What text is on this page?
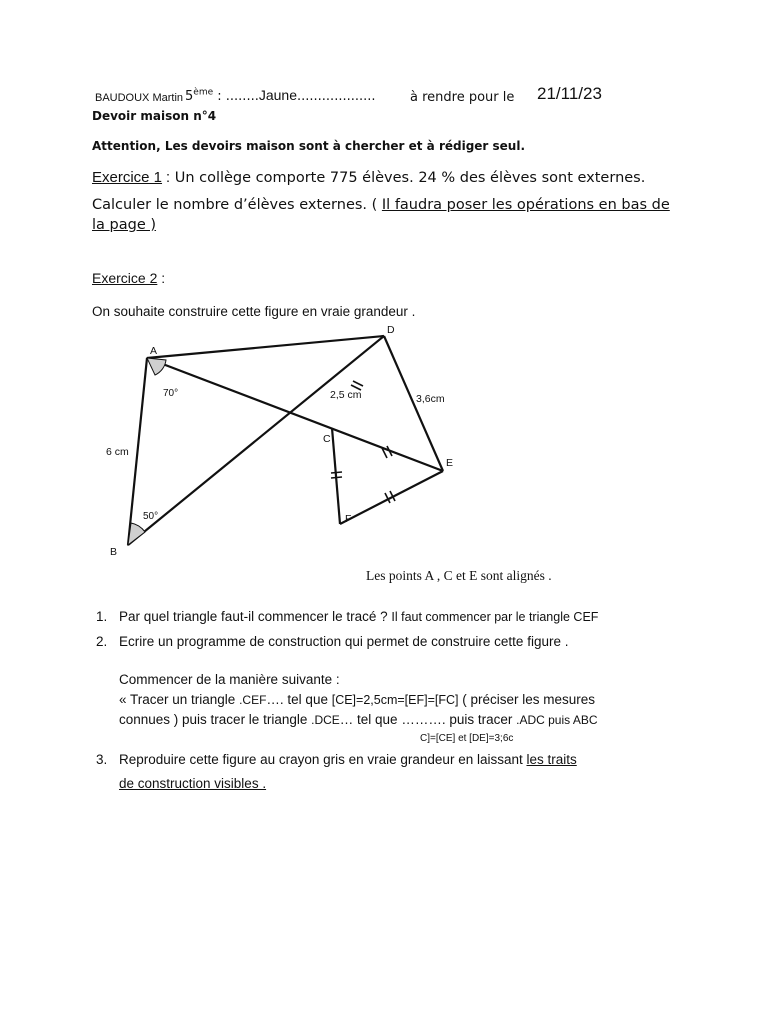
BAUDOUX Martin 5ème : ........Jaune...................	à rendre pour le 21/11/23
Devoir maison n°4
Attention, Les devoirs maison sont à chercher et à rédiger seul.
Exercice 1 : Un collège comporte 775 élèves. 24 % des élèves sont externes.
Calculer le nombre d’élèves externes. ( Il faudra poser les opérations en bas de
la page )
Exercice 2 :
On souhaite construire cette figure en vraie grandeur .
A
B
C
D
E
F
6 cm
2,5 cm	3,6cm
70°
50°
Les points A , C et E sont alignés .
1. Par quel triangle faut-il commencer le tracé ? Il faut commencer par le triangle CEF
2. Ecrire un programme de construction qui permet de construire cette figure .
Commencer de la manière suivante :
« Tracer un triangle .CEF…. tel que [CE]=2,5cm=[EF]=[FC] ( préciser les mesures
connues ) puis tracer le triangle .DCE… tel que ………. puis tracer .ADC puis ABC
C]=[CE] et [DE]=3;6c
3. Reproduire cette figure au crayon gris en vraie grandeur en laissant les traits
de construction visibles .
